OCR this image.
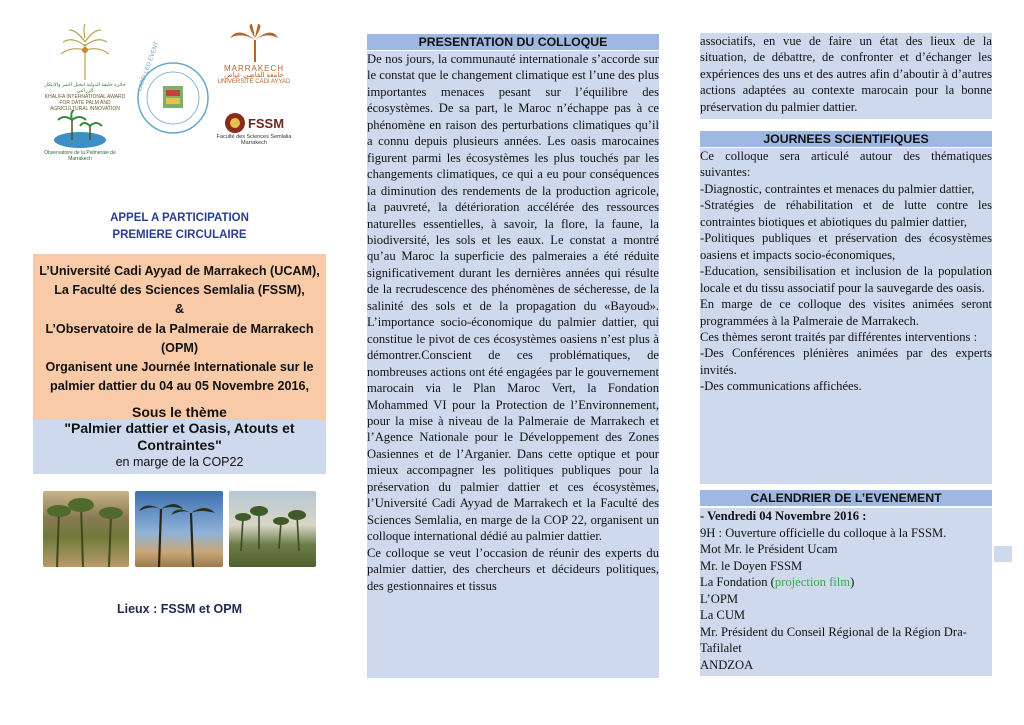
جائزة خليفة الدولية لنخيل التمر والابتكار الزراعي
KHALIFA INTERNATIONAL AWARD FOR DATE PALM AND AGRICULTURAL INNOVATION
LABELLED EVENT	MARRAKECH
جامعة القاضي عياض
UNIVERSITÉ CADI AYYAD
Observatoire de la Palmeraie de Marrakech
FSSM
Faculté des Sciences Semlalia Marrakech
APPEL A PARTICIPATION
PREMIERE CIRCULAIRE

L’Université Cadi Ayyad de Marrakech (UCAM),

La Faculté des Sciences Semlalia (FSSM),

&

L’Observatoire de la Palmeraie de Marrakech

(OPM)

Organisent une Journée Internationale sur le

palmier dattier du 04 au 05 Novembre 2016,

Sous le thème
"Palmier dattier et Oasis, Atouts et
Contraintes"
en marge de la COP22
Lieux : FSSM et OPM
PRESENTATION DU COLLOQUE

De nos jours, la communauté internationale s’accorde sur le constat que le changement climatique est l’une des plus importantes menaces pesant sur l’équilibre des écosystèmes. De sa part, le Maroc n’échappe pas à ce phénomène en raison des perturbations climatiques qu’il a connu depuis plusieurs années. Les oasis marocaines figurent parmi les écosystèmes les plus touchés par les changements climatiques, ce qui a eu pour conséquences la diminution des rendements de la production agricole, la pauvreté, la détérioration accélérée des ressources naturelles essentielles, à savoir, la flore, la faune, la biodiversité, les sols et les eaux. Le constat a montré qu’au Maroc la superficie des palmeraies a été réduite significativement durant les dernières années qui résulte de la recrudescence des phénomènes de sécheresse, de la salinité des sols et de la propagation du «Bayoud». L’importance socio-économique du palmier dattier, qui constitue le pivot de ces écosystèmes oasiens n’est plus à démontrer.Conscient de ces problématiques, de nombreuses actions ont été engagées par le gouvernement marocain via le Plan Maroc Vert, la Fondation Mohammed VI pour la Protection de l’Environnement, pour la mise à niveau de la Palmeraie de Marrakech et l’Agence Nationale pour le Développement des Zones Oasiennes et de l’Arganier. Dans cette optique et pour mieux accompagner les politiques publiques pour la préservation du palmier dattier et ces écosystèmes, l’Université Cadi Ayyad de Marrakech et la Faculté des Sciences Semlalia, en marge de la COP 22, organisent un colloque international dédié au palmier dattier.

Ce colloque se veut l’occasion de réunir des experts du palmier dattier, des chercheurs et décideurs politiques, des gestionnaires et tissus

associatifs, en vue de faire un état des lieux de la situation, de débattre, de confronter et d’échanger les expériences des uns et des autres afin d’aboutir à d’autres actions adaptées au contexte marocain pour la bonne préservation du palmier dattier.

JOURNEES SCIENTIFIQUES

Ce colloque sera articulé autour des thématiques suivantes:

-Diagnostic, contraintes et menaces du palmier dattier,

-Stratégies de réhabilitation et de lutte contre les contraintes biotiques et abiotiques du palmier dattier,

-Politiques publiques et préservation des écosystèmes oasiens et impacts socio-économiques,

-Education, sensibilisation et inclusion de la population locale et du tissu associatif pour la sauvegarde des oasis.

En marge de ce colloque des visites animées seront programmées à la Palmeraie de Marrakech.

Ces thèmes seront traités par différentes interventions :

-Des Conférences plénières animées par des experts invités.

-Des communications affichées.

CALENDRIER DE L’EVENEMENT

- Vendredi 04 Novembre 2016 :

9H : Ouverture officielle du colloque à la FSSM.

Mot Mr. le Président Ucam

Mr. le Doyen FSSM

La Fondation (projection film)

L’OPM

La CUM

Mr. Président du Conseil Régional de la Région Dra-Tafilalet

ANDZOA
